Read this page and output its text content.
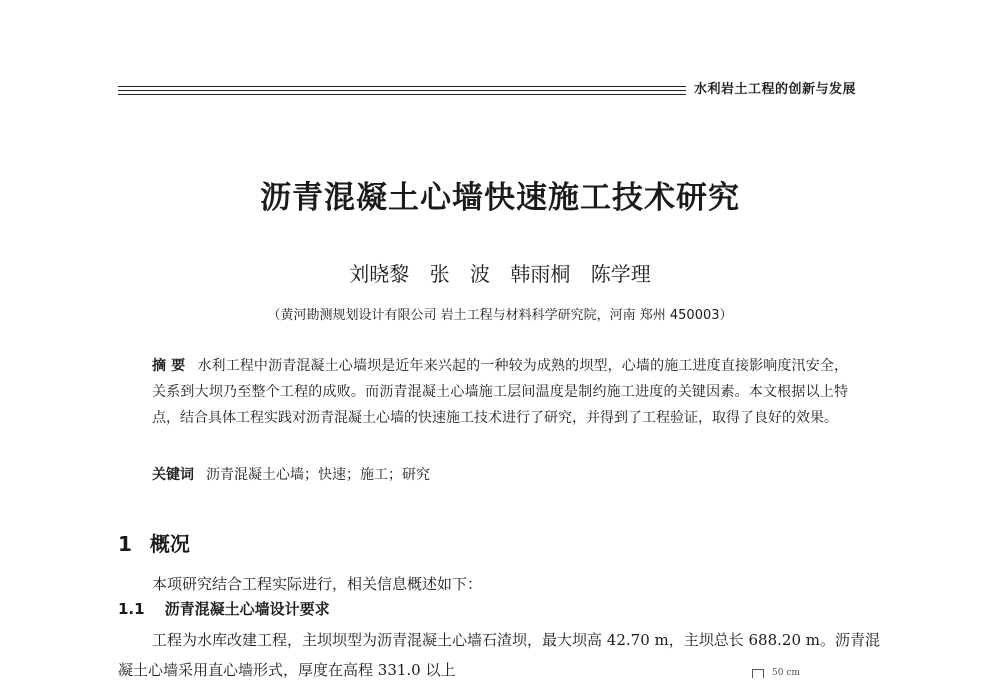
水利岩土工程的创新与发展
沥青混凝土心墙快速施工技术研究
刘晓黎 张 波 韩雨桐 陈学理
（黄河勘测规划设计有限公司 岩土工程与材料科学研究院，河南 郑州 450003）
摘 要 水利工程中沥青混凝土心墙坝是近年来兴起的一种较为成熟的坝型，心墙的施工进度直接影响度汛安全，关系到大坝乃至整个工程的成败。而沥青混凝土心墙施工层间温度是制约施工进度的关键因素。本文根据以上特点，结合具体工程实践对沥青混凝土心墙的快速施工技术进行了研究，并得到了工程验证，取得了良好的效果。
关键词 沥青混凝土心墙；快速；施工；研究
1 概况
本项研究结合工程实际进行，相关信息概述如下：
1.1 沥青混凝土心墙设计要求
工程为水库改建工程，主坝坝型为沥青混凝土心墙石渣坝，最大坝高 42.70 m，主坝总长 688.20 m。沥青混凝土心墙采用直心墙形式，厚度在高程 331.0 以上	50 cm
